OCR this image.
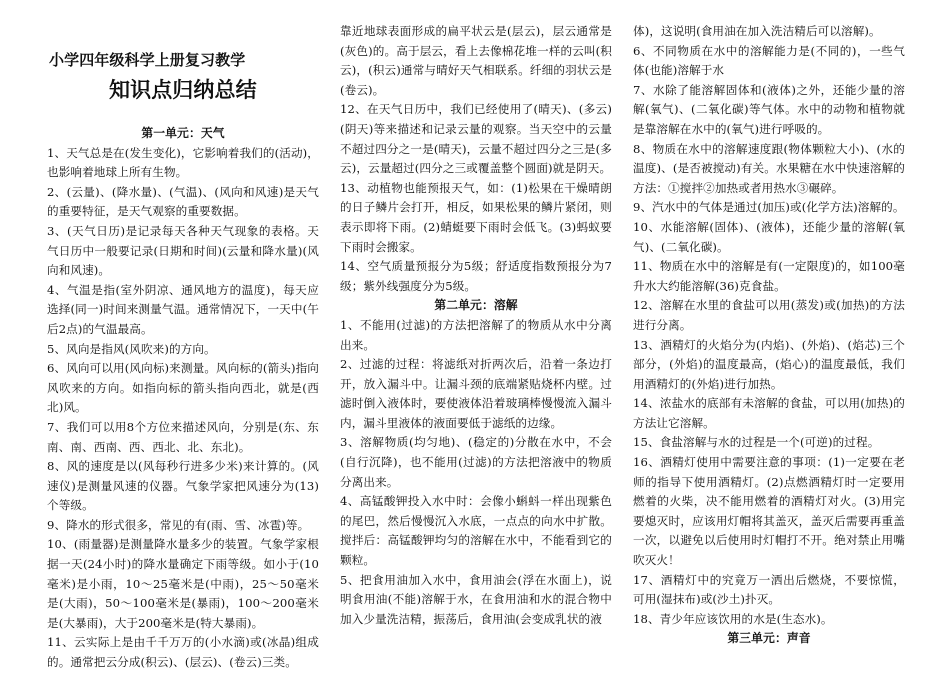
小学四年级科学上册复习教学

知识点归纳总结

第一单元：天气

1、天气总是在(发生变化)，它影响着我们的(活动)，也影响着地球上所有生物。

2、(云量)、(降水量)、(气温)、(风向和风速)是天气的重要特征，是天气观察的重要数据。

3、(天气日历)是记录每天各种天气现象的表格。天气日历中一般要记录(日期和时间)(云量和降水量)(风向和风速)。

4、气温是指(室外阴凉、通风地方的温度)，每天应选择(同一)时间来测量气温。通常情况下，一天中(午后2点)的气温最高。

5、风向是指风(风吹来)的方向。

6、风向可以用(风向标)来测量。风向标的(箭头)指向风吹来的方向。如指向标的箭头指向西北，就是(西北)风。

7、我们可以用8个方位来描述风向，分别是(东、东南、南、西南、西、西北、北、东北)。

8、风的速度是以(风每秒行进多少米)来计算的。(风速仪)是测量风速的仪器。气象学家把风速分为(13)个等级。

9、降水的形式很多，常见的有(雨、雪、冰雹)等。

10、(雨量器)是测量降水量多少的装置。气象学家根据一天(24小时)的降水量确定下雨等级。如小于(10毫米)是小雨，10～25毫米是(中雨)，25～50毫米是(大雨)，50～100毫米是(暴雨)，100～200毫米是(大暴雨)，大于200毫米是(特大暴雨)。

11、云实际上是由千千万万的(小水滴)或(冰晶)组成的。通常把云分成(积云)、(层云)、(卷云)三类。

靠近地球表面形成的扁平状云是(层云)，层云通常是(灰色)的。高于层云，看上去像棉花堆一样的云叫(积云)，(积云)通常与晴好天气相联系。纤细的羽状云是(卷云)。

12、在天气日历中，我们已经使用了(晴天)、(多云)(阴天)等来描述和记录云量的观察。当天空中的云量不超过四分之一是(晴天)，云量不超过四分之三是(多云)，云量超过(四分之三或覆盖整个圆面)就是阴天。

13、动植物也能预报天气，如：(1)松果在干燥晴朗的日子鳞片会打开，相反，如果松果的鳞片紧闭，则表示即将下雨。(2)蜻蜓要下雨时会低飞。(3)蚂蚁要下雨时会搬家。

14、空气质量预报分为5级；舒适度指数预报分为7级；紫外线强度分为5级。

第二单元：溶解

1、不能用(过滤)的方法把溶解了的物质从水中分离出来。

2、过滤的过程：将滤纸对折两次后，沿着一条边打开，放入漏斗中。让漏斗颈的底端紧贴烧杯内壁。过滤时倒入液体时，要使液体沿着玻璃棒慢慢流入漏斗内，漏斗里液体的液面要低于滤纸的边缘。

3、溶解物质(均匀地)、(稳定的)分散在水中，不会(自行沉降)，也不能用(过滤)的方法把溶液中的物质分离出来。

4、高锰酸钾投入水中时：会像小蝌蚪一样出现紫色的尾巴，然后慢慢沉入水底，一点点的向水中扩散。搅拌后：高锰酸钾均匀的溶解在水中，不能看到它的颗粒。

5、把食用油加入水中，食用油会(浮在水面上)，说明食用油(不能)溶解于水，在食用油和水的混合物中加入少量洗洁精，振荡后，食用油(会变成乳状的液

体)，这说明(食用油在加入洗洁精后可以溶解)。

6、不同物质在水中的溶解能力是(不同的)，一些气体(也能)溶解于水

7、水除了能溶解固体和(液体)之外，还能少量的溶解(氧气)、(二氧化碳)等气体。水中的动物和植物就是靠溶解在水中的(氧气)进行呼吸的。

8、物质在水中的溶解速度跟(物体颗粒大小)、(水的温度)、(是否被搅动)有关。水果糖在水中快速溶解的方法：①搅拌②加热或者用热水③碾碎。

9、汽水中的气体是通过(加压)或(化学方法)溶解的。

10、水能溶解(固体)、(液体)，还能少量的溶解(氧气)、(二氧化碳)。

11、物质在水中的溶解是有(一定限度)的，如100毫升水大约能溶解(36)克食盐。

12、溶解在水里的食盐可以用(蒸发)或(加热)的方法进行分离。

13、酒精灯的火焰分为(内焰)、(外焰)、(焰芯)三个部分，(外焰)的温度最高，(焰心)的温度最低，我们用酒精灯的(外焰)进行加热。

14、浓盐水的底部有未溶解的食盐，可以用(加热)的方法让它溶解。

15、食盐溶解与水的过程是一个(可逆)的过程。

16、酒精灯使用中需要注意的事项：(1)一定要在老师的指导下使用酒精灯。(2)点燃酒精灯时一定要用燃着的火柴，决不能用燃着的酒精灯对火。(3)用完要熄灭时，应该用灯帽将其盖灭，盖灭后需要再重盖一次，以避免以后使用时灯帽打不开。绝对禁止用嘴吹灭火！

17、酒精灯中的究竟万一洒出后燃烧，不要惊慌，可用(湿抹布)或(沙土)扑灭。

18、青少年应该饮用的水是(生态水)。

第三单元：声音
